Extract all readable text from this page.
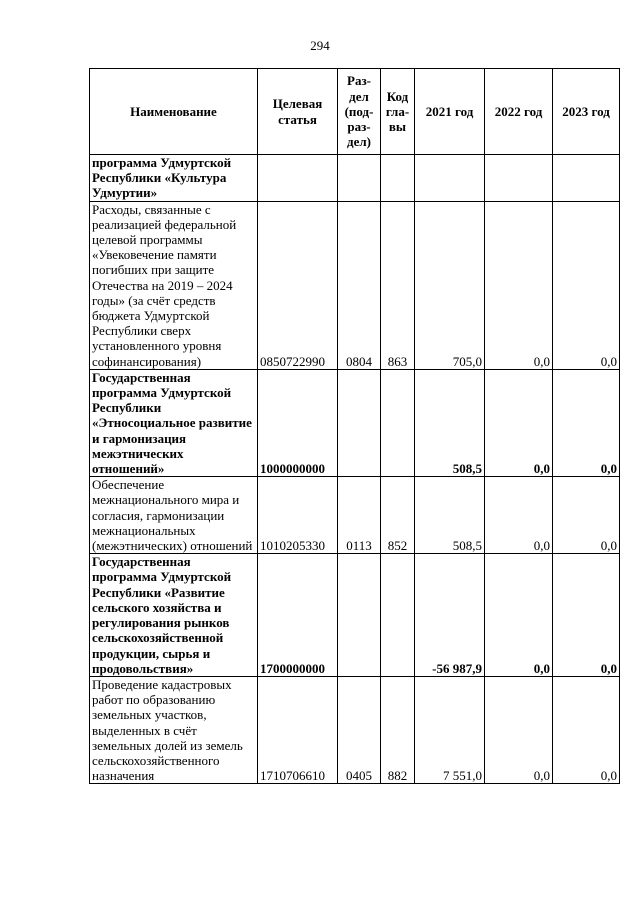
294
Наименование	Целевая статья	Раз-дел (под-раз-дел)	Код гла-вы	2021 год	2022 год	2023 год
программа Удмуртской Республики «Культура Удмуртии»						
Расходы, связанные с реализацией федеральной целевой программы «Увековечение памяти погибших при защите Отечества на 2019 – 2024 годы» (за счёт средств бюджета Удмуртской Республики сверх установленного уровня софинансирования)	0850722990	0804	863	705,0	0,0	0,0
Государственная программа Удмуртской Республики «Этносоциальное развитие и гармонизация межэтнических отношений»	1000000000			508,5	0,0	0,0
Обеспечение межнационального мира и согласия, гармонизации межнациональных (межэтнических) отношений	1010205330	0113	852	508,5	0,0	0,0
Государственная программа Удмуртской Республики «Развитие сельского хозяйства и регулирования рынков сельскохозяйственной продукции, сырья и продовольствия»	1700000000			-56 987,9	0,0	0,0
Проведение кадастровых работ по образованию земельных участков, выделенных в счёт земельных долей из земель сельскохозяйственного назначения	1710706610	0405	882	7 551,0	0,0	0,0
